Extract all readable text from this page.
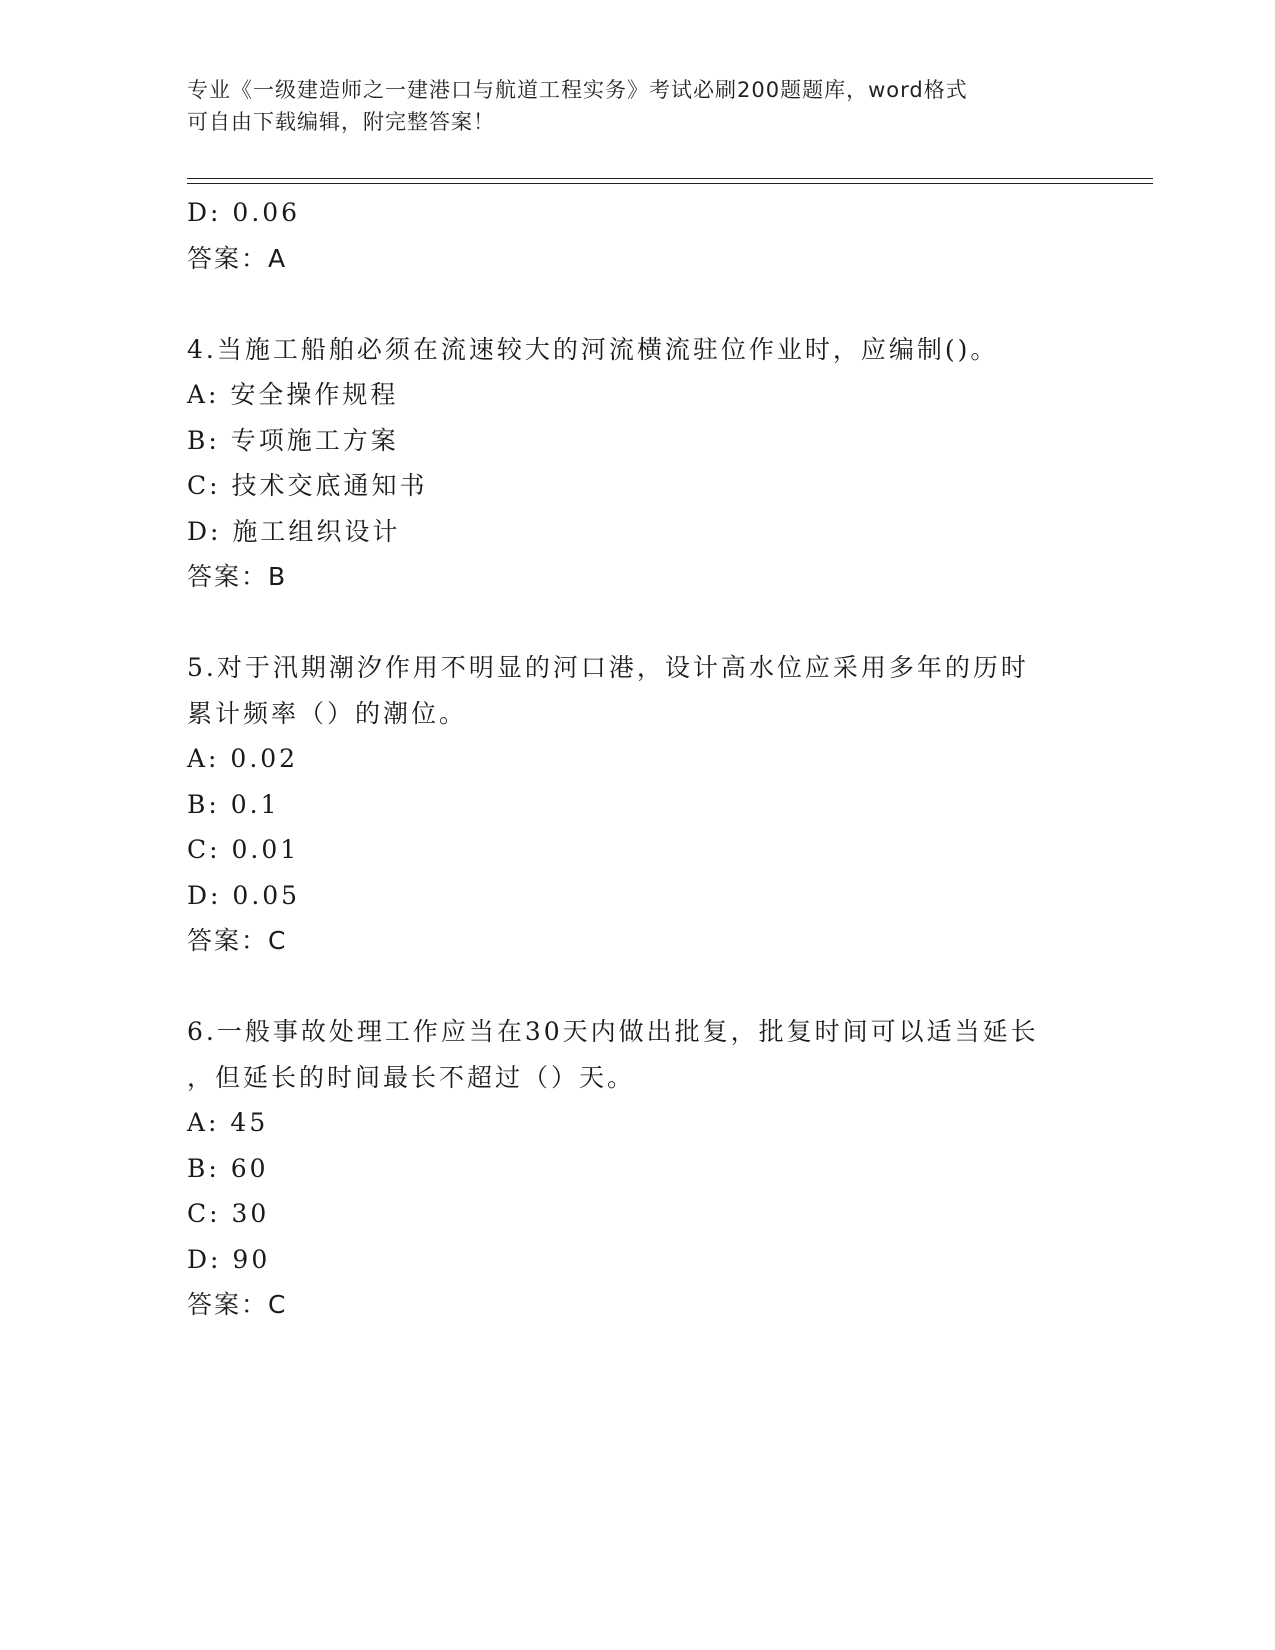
专业《一级建造师之一建港口与航道工程实务》考试必刷200题题库，word格式
可自由下载编辑，附完整答案！
D: 0.06
答案：A
4.当施工船舶必须在流速较大的河流横流驻位作业时，应编制()。
A: 安全操作规程
B: 专项施工方案
C: 技术交底通知书
D: 施工组织设计
答案：B
5.对于汛期潮汐作用不明显的河口港，设计高水位应采用多年的历时
累计频率（）的潮位。
A: 0.02
B: 0.1
C: 0.01
D: 0.05
答案：C
6.一般事故处理工作应当在30天内做出批复，批复时间可以适当延长
，但延长的时间最长不超过（）天。
A: 45
B: 60
C: 30
D: 90
答案：C
